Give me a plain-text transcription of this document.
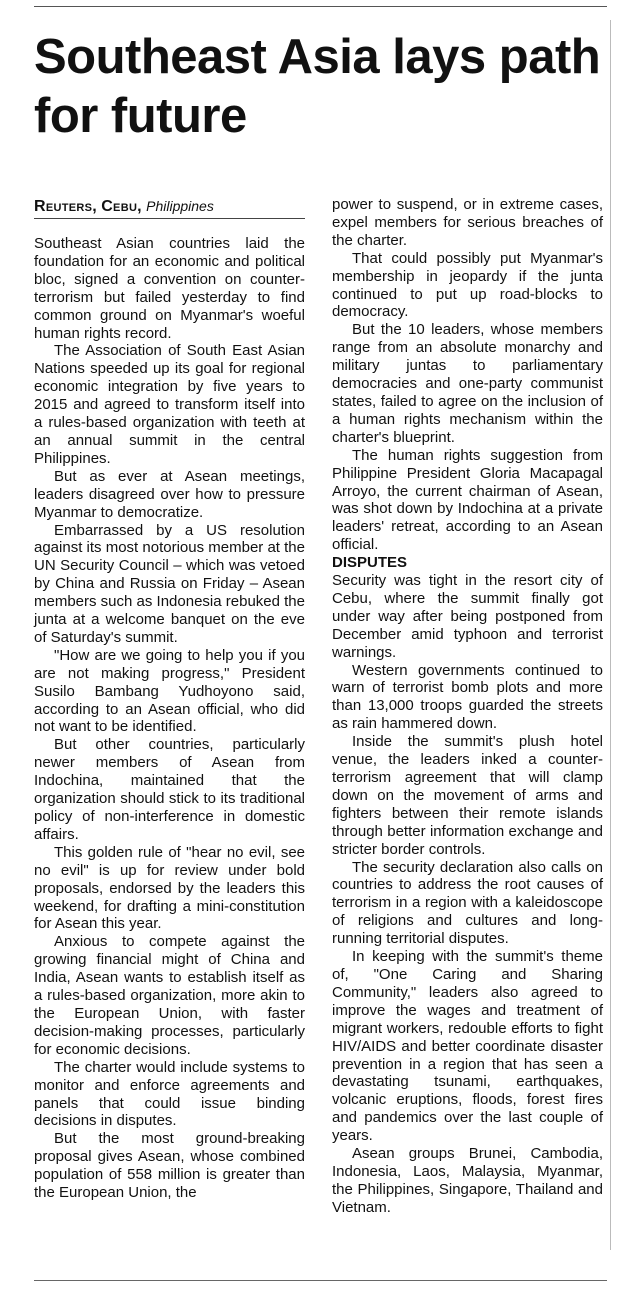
Southeast Asia lays path for future
Reuters, Cebu, Philippines

Southeast Asian countries laid the foundation for an economic and political bloc, signed a convention on counter-terrorism but failed yesterday to find common ground on Myanmar's woeful human rights record.

The Association of South East Asian Nations speeded up its goal for regional economic integration by five years to 2015 and agreed to transform itself into a rules-based organization with teeth at an annual summit in the central Philippines.

But as ever at Asean meetings, leaders disagreed over how to pressure Myanmar to democratize.

Embarrassed by a US resolution against its most notorious member at the UN Security Council – which was vetoed by China and Russia on Friday – Asean members such as Indonesia rebuked the junta at a welcome banquet on the eve of Saturday's summit.

"How are we going to help you if you are not making progress," President Susilo Bambang Yudhoyono said, according to an Asean official, who did not want to be identified.

But other countries, particularly newer members of Asean from Indochina, maintained that the organization should stick to its traditional policy of non-interference in domestic affairs.

This golden rule of "hear no evil, see no evil" is up for review under bold proposals, endorsed by the leaders this weekend, for drafting a mini-constitution for Asean this year.

Anxious to compete against the growing financial might of China and India, Asean wants to establish itself as a rules-based organization, more akin to the European Union, with faster decision-making processes, particularly for economic decisions.

The charter would include systems to monitor and enforce agreements and panels that could issue binding decisions in disputes.

But the most ground-breaking proposal gives Asean, whose combined population of 558 million is greater than the European Union, the

power to suspend, or in extreme cases, expel members for serious breaches of the charter.

That could possibly put Myanmar's membership in jeopardy if the junta continued to put up road-blocks to democracy.

But the 10 leaders, whose members range from an absolute monarchy and military juntas to parliamentary democracies and one-party communist states, failed to agree on the inclusion of a human rights mechanism within the charter's blueprint.

The human rights suggestion from Philippine President Gloria Macapagal Arroyo, the current chairman of Asean, was shot down by Indochina at a private leaders' retreat, according to an Asean official.

DISPUTES

Security was tight in the resort city of Cebu, where the summit finally got under way after being postponed from December amid typhoon and terrorist warnings.

Western governments continued to warn of terrorist bomb plots and more than 13,000 troops guarded the streets as rain hammered down.

Inside the summit's plush hotel venue, the leaders inked a counter-terrorism agreement that will clamp down on the movement of arms and fighters between their remote islands through better information exchange and stricter border controls.

The security declaration also calls on countries to address the root causes of terrorism in a region with a kaleidoscope of religions and cultures and long-running territorial disputes.

In keeping with the summit's theme of, "One Caring and Sharing Community," leaders also agreed to improve the wages and treatment of migrant workers, redouble efforts to fight HIV/AIDS and better coordinate disaster prevention in a region that has seen a devastating tsunami, earthquakes, volcanic eruptions, floods, forest fires and pandemics over the last couple of years.

Asean groups Brunei, Cambodia, Indonesia, Laos, Malaysia, Myanmar, the Philippines, Singapore, Thailand and Vietnam.
